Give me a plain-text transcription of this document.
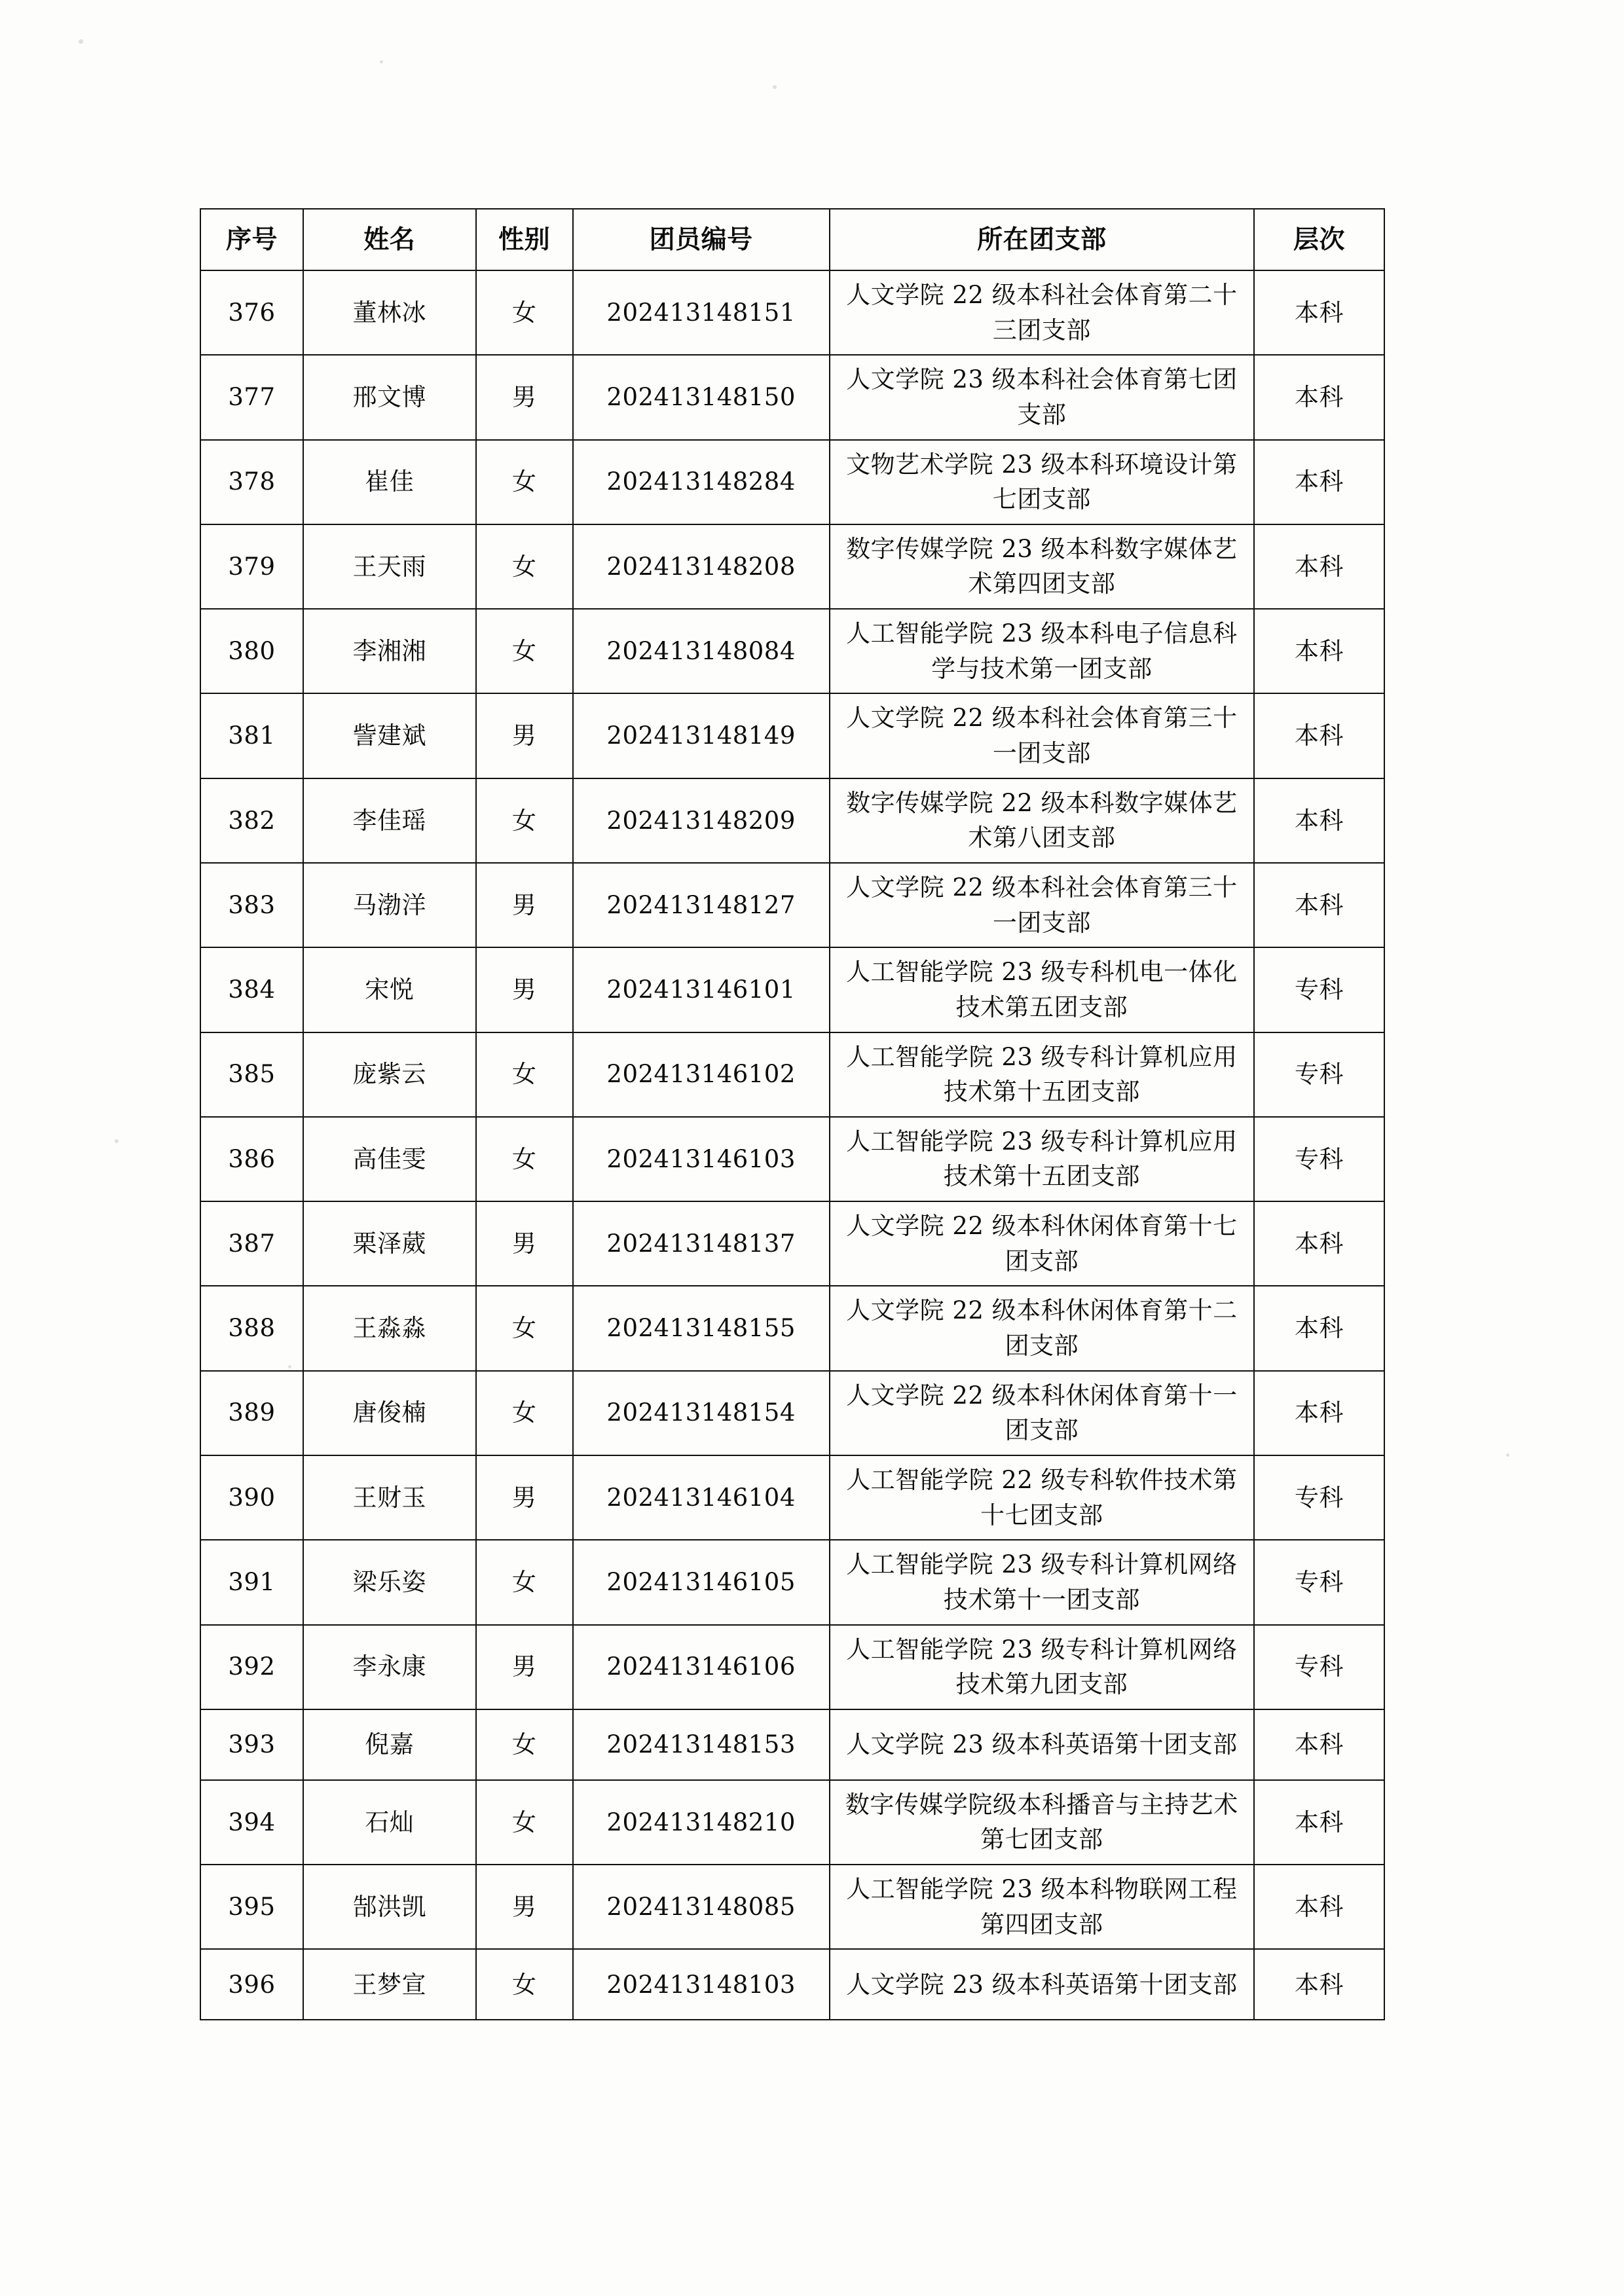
序号	姓名	性别	团员编号	所在团支部	层次
376	董林冰	女	202413148151	人文学院 22 级本科社会体育第二十三团支部	本科
377	邢文博	男	202413148150	人文学院 23 级本科社会体育第七团支部	本科
378	崔佳	女	202413148284	文物艺术学院 23 级本科环境设计第七团支部	本科
379	王天雨	女	202413148208	数字传媒学院 23 级本科数字媒体艺术第四团支部	本科
380	李湘湘	女	202413148084	人工智能学院 23 级本科电子信息科学与技术第一团支部	本科
381	訾建斌	男	202413148149	人文学院 22 级本科社会体育第三十一团支部	本科
382	李佳瑶	女	202413148209	数字传媒学院 22 级本科数字媒体艺术第八团支部	本科
383	马渤洋	男	202413148127	人文学院 22 级本科社会体育第三十一团支部	本科
384	宋悦	男	202413146101	人工智能学院 23 级专科机电一体化技术第五团支部	专科
385	庞紫云	女	202413146102	人工智能学院 23 级专科计算机应用技术第十五团支部	专科
386	高佳雯	女	202413146103	人工智能学院 23 级专科计算机应用技术第十五团支部	专科
387	栗泽葳	男	202413148137	人文学院 22 级本科休闲体育第十七团支部	本科
388	王淼淼	女	202413148155	人文学院 22 级本科休闲体育第十二团支部	本科
389	唐俊楠	女	202413148154	人文学院 22 级本科休闲体育第十一团支部	本科
390	王财玉	男	202413146104	人工智能学院 22 级专科软件技术第十七团支部	专科
391	梁乐姿	女	202413146105	人工智能学院 23 级专科计算机网络技术第十一团支部	专科
392	李永康	男	202413146106	人工智能学院 23 级专科计算机网络技术第九团支部	专科
393	倪嘉	女	202413148153	人文学院 23 级本科英语第十团支部	本科
394	石灿	女	202413148210	数字传媒学院级本科播音与主持艺术第七团支部	本科
395	郜洪凯	男	202413148085	人工智能学院 23 级本科物联网工程第四团支部	本科
396	王梦宣	女	202413148103	人文学院 23 级本科英语第十团支部	本科
